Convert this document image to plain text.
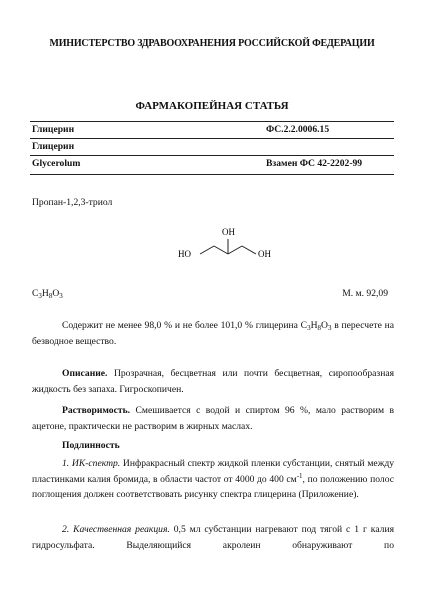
МИНИСТЕРСТВО ЗДРАВООХРАНЕНИЯ РОССИЙСКОЙ ФЕДЕРАЦИИ
ФАРМАКОПЕЙНАЯ СТАТЬЯ
Глицерин	ФС.2.2.0006.15
Глицерин
Glycerolum	Взамен ФС 42-2202-99
Пропан-1,2,3-триол
HO
OH
OH
$C_3H_8O_3$	М. м. 92,09
Содержит не менее 98,0 % и не более 101,0 % глицерина $C_3H_8O_3$ в пересчете на безводное вещество.
Описание. Прозрачная, бесцветная или почти бесцветная, сиропообразная жидкость без запаха. Гигроскопичен.
Растворимость. Смешивается с водой и спиртом 96 %, мало растворим в ацетоне, практически не растворим в жирных маслах.
Подлинность
1. ИК-спектр. Инфракрасный спектр жидкой пленки субстанции, снятый между пластинками калия бромида, в области частот от 4000 до 400 $см^{-1}$, по положению полос поглощения должен соответствовать рисунку спектра глицерина (Приложение).
2. Качественная реакция. 0,5 мл субстанции нагревают под тягой с 1 г калия гидросульфата. Выделяющийся акролеин обнаруживают по
